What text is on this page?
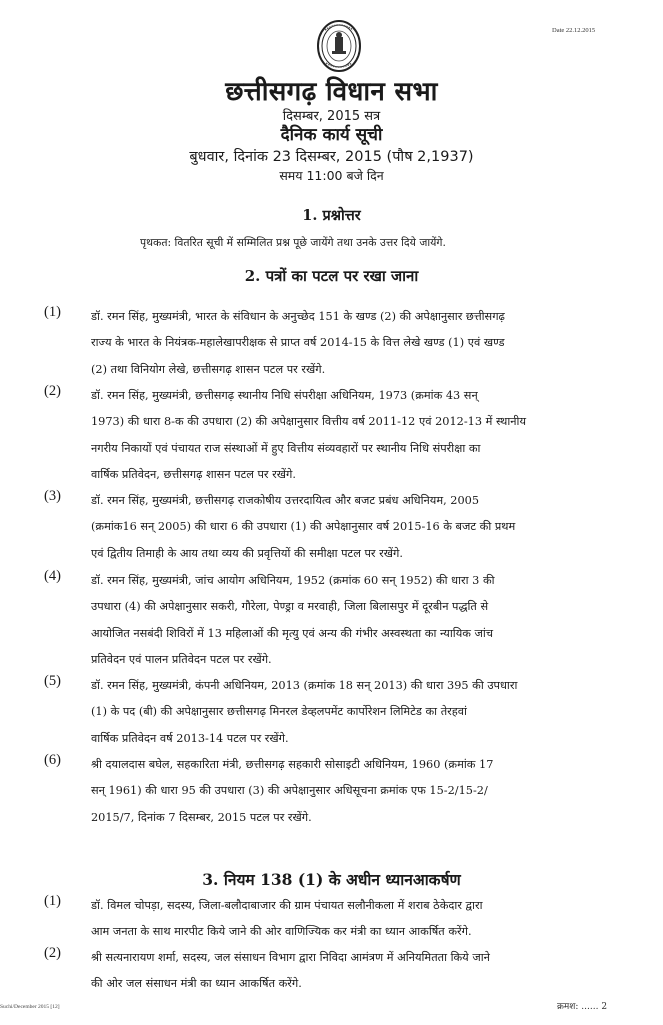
Date 22.12.2015
छत्तीसगढ़ विधान सभा
दिसम्बर, 2015 सत्र
दैनिक कार्य सूची
बुधवार, दिनांक 23 दिसम्बर, 2015 (पौष 2,1937)
समय 11:00 बजे दिन
1. प्रश्नोत्तर
पृथकत: वितरित सूची में सम्मिलित प्रश्न पूछे जायेंगे तथा उनके उत्तर दिये जायेंगे.
2. पत्रों का पटल पर रखा जाना
(1)	डॉ. रमन सिंह, मुख्यमंत्री, भारत के संविधान के अनुच्छेद 151 के खण्ड (2) की अपेक्षानुसार छत्तीसगढ़
राज्य के भारत के नियंत्रक-महालेखापरीक्षक से प्राप्त वर्ष 2014-15 के वित्त लेखे खण्ड (1) एवं खण्ड
(2) तथा विनियोग लेखे, छत्तीसगढ़ शासन पटल पर रखेंगे.
(2)	डॉ. रमन सिंह, मुख्यमंत्री, छत्तीसगढ़ स्थानीय निधि संपरीक्षा अधिनियम, 1973 (क्रमांक 43 सन्
1973) की धारा 8-क की उपधारा (2) की अपेक्षानुसार वित्तीय वर्ष 2011-12 एवं 2012-13 में स्थानीय
नगरीय निकायों एवं पंचायत राज संस्थाओं में हुए वित्तीय संव्यवहारों पर स्थानीय निधि संपरीक्षा का
वार्षिक प्रतिवेदन, छत्तीसगढ़ शासन पटल पर रखेंगे.
(3)	डॉ. रमन सिंह, मुख्यमंत्री, छत्तीसगढ़ राजकोषीय उत्तरदायित्व और बजट प्रबंध अधिनियम, 2005
(क्रमांक16 सन् 2005) की धारा 6 की उपधारा (1) की अपेक्षानुसार वर्ष 2015-16 के बजट की प्रथम
एवं द्वितीय तिमाही के आय तथा व्यय की प्रवृत्तियों की समीक्षा पटल पर रखेंगे.
(4)	डॉ. रमन सिंह, मुख्यमंत्री, जांच आयोग अधिनियम, 1952 (क्रमांक 60 सन् 1952) की धारा 3 की
उपधारा (4) की अपेक्षानुसार सकरी, गौरेला, पेण्ड्रा व मरवाही, जिला बिलासपुर में दूरबीन पद्धति से
आयोजित नसबंदी शिविरों में 13 महिलाओं की मृत्यु एवं अन्य की गंभीर अस्वस्थता का न्यायिक जांच
प्रतिवेदन एवं पालन प्रतिवेदन पटल पर रखेंगे.
(5)	डॉ. रमन सिंह, मुख्यमंत्री, कंपनी अधिनियम, 2013 (क्रमांक 18 सन् 2013) की धारा 395 की उपधारा
(1) के पद (बी) की अपेक्षानुसार छत्तीसगढ़ मिनरल डेव्हलपमेंट कार्पोरेशन लिमिटेड का तेरहवां
वार्षिक प्रतिवेदन वर्ष 2013-14 पटल पर रखेंगे.
(6)	श्री दयालदास बघेल, सहकारिता मंत्री, छत्तीसगढ़ सहकारी सोसाइटी अधिनियम, 1960 (क्रमांक 17
सन् 1961) की धारा 95 की उपधारा (3) की अपेक्षानुसार अधिसूचना क्रमांक एफ 15-2/15-2/
2015/7, दिनांक 7 दिसम्बर, 2015 पटल पर रखेंगे.
3. नियम 138 (1) के अधीन ध्यानआकर्षण
(1)	डॉ. विमल चोपड़ा, सदस्य, जिला-बलौदाबाजार की ग्राम पंचायत सलौनीकला में शराब ठेकेदार द्वारा
आम जनता के साथ मारपीट किये जाने की ओर वाणिज्यिक कर मंत्री का ध्यान आकर्षित करेंगे.
(2)	श्री सत्यनारायण शर्मा, सदस्य, जल संसाधन विभाग द्वारा निविदा आमंत्रण में अनियमितता किये जाने
की ओर जल संसाधन मंत्री का ध्यान आकर्षित करेंगे.
Suchi/December 2015 [12]	क्रमश: ...... 2
